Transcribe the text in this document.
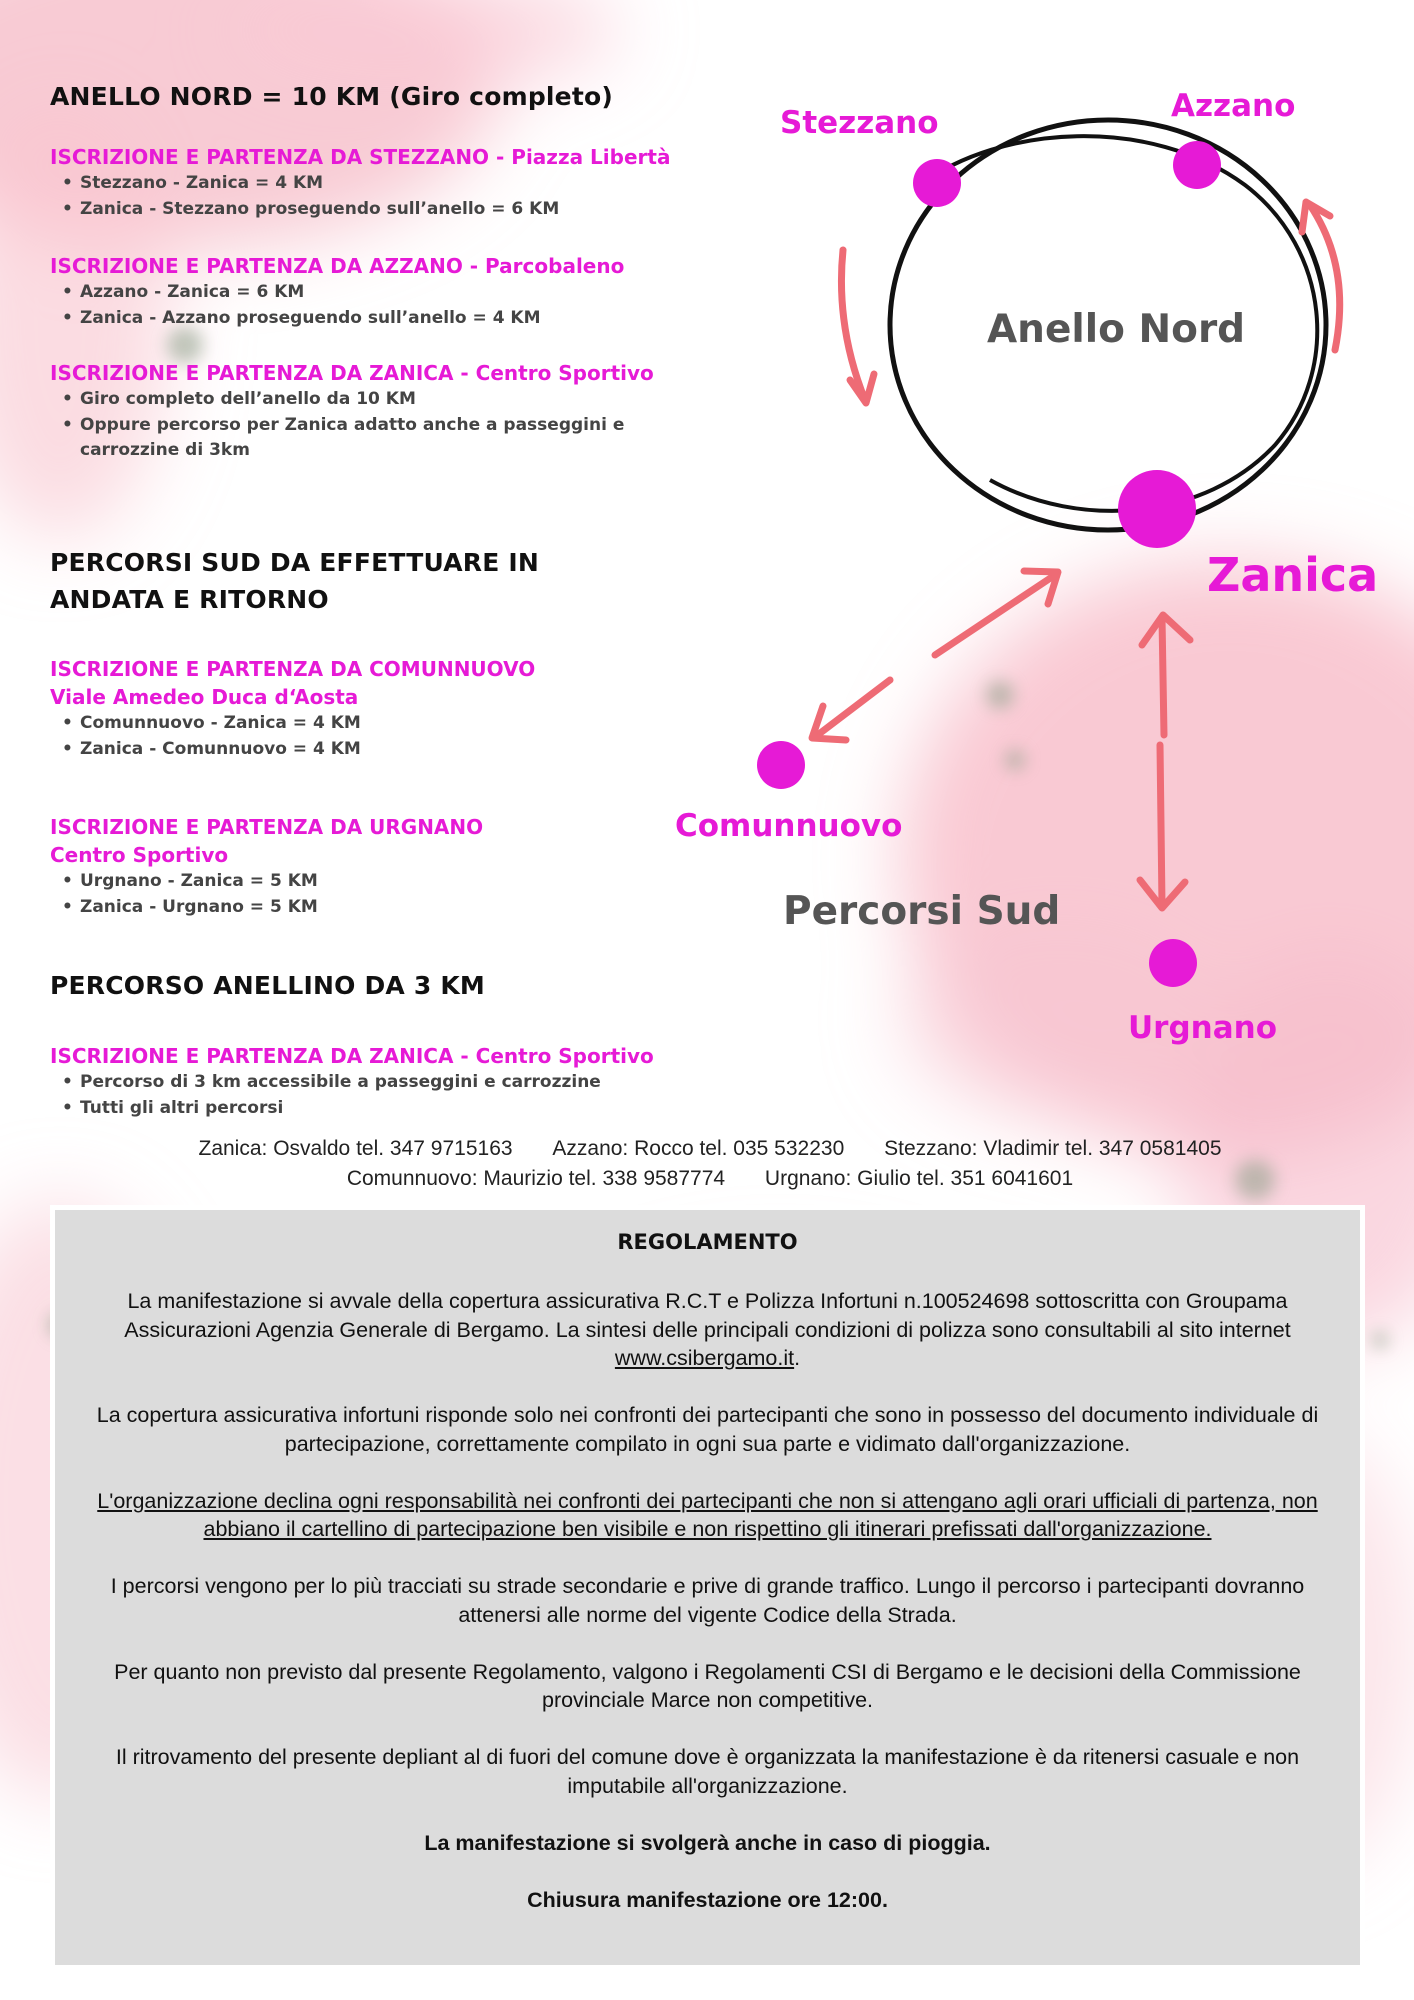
ANELLO NORD = 10 KM (Giro completo)
ISCRIZIONE E PARTENZA DA STEZZANO - Piazza Libertà
• Stezzano - Zanica = 4 KM
• Zanica - Stezzano proseguendo sull’anello = 6 KM
ISCRIZIONE E PARTENZA DA AZZANO - Parcobaleno
• Azzano - Zanica = 6 KM
• Zanica - Azzano proseguendo sull’anello = 4 KM
ISCRIZIONE E PARTENZA DA ZANICA - Centro Sportivo
• Giro completo dell’anello da 10 KM
• Oppure percorso per Zanica adatto anche a passeggini e carrozzine di 3km
PERCORSI SUD DA EFFETTUARE IN
ANDATA E RITORNO
ISCRIZIONE E PARTENZA DA COMUNNUOVO
Viale Amedeo Duca d‘Aosta
• Comunnuovo - Zanica = 4 KM
• Zanica - Comunnuovo = 4 KM
ISCRIZIONE E PARTENZA DA URGNANO
Centro Sportivo
• Urgnano - Zanica = 5 KM
• Zanica - Urgnano = 5 KM
PERCORSO ANELLINO DA 3 KM
ISCRIZIONE E PARTENZA DA ZANICA - Centro Sportivo
• Percorso di 3 km accessibile a passeggini e carrozzine
• Tutti gli altri percorsi
Stezzano	Azzano
Anello Nord
Zanica
Comunnuovo
Percorsi Sud
Urgnano
Zanica: Osvaldo tel. 347 9715163 Azzano: Rocco tel. 035 532230 Stezzano: Vladimir tel. 347 0581405
Comunnuovo: Maurizio tel. 338 9587774 Urgnano: Giulio tel. 351 6041601
REGOLAMENTO

La manifestazione si avvale della copertura assicurativa R.C.T e Polizza Infortuni n.100524698 sottoscritta con Groupama Assicurazioni Agenzia Generale di Bergamo. La sintesi delle principali condizioni di polizza sono consultabili al sito internet www.csibergamo.it.

La copertura assicurativa infortuni risponde solo nei confronti dei partecipanti che sono in possesso del documento individuale di partecipazione, correttamente compilato in ogni sua parte e vidimato dall'organizzazione.

L'organizzazione declina ogni responsabilità nei confronti dei partecipanti che non si attengano agli orari ufficiali di partenza, non abbiano il cartellino di partecipazione ben visibile e non rispettino gli itinerari prefissati dall'organizzazione.

I percorsi vengono per lo più tracciati su strade secondarie e prive di grande traffico. Lungo il percorso i partecipanti dovranno attenersi alle norme del vigente Codice della Strada.

Per quanto non previsto dal presente Regolamento, valgono i Regolamenti CSI di Bergamo e le decisioni della Commissione provinciale Marce non competitive.

Il ritrovamento del presente depliant al di fuori del comune dove è organizzata la manifestazione è da ritenersi casuale e non imputabile all'organizzazione.

La manifestazione si svolgerà anche in caso di pioggia.

Chiusura manifestazione ore 12:00.
